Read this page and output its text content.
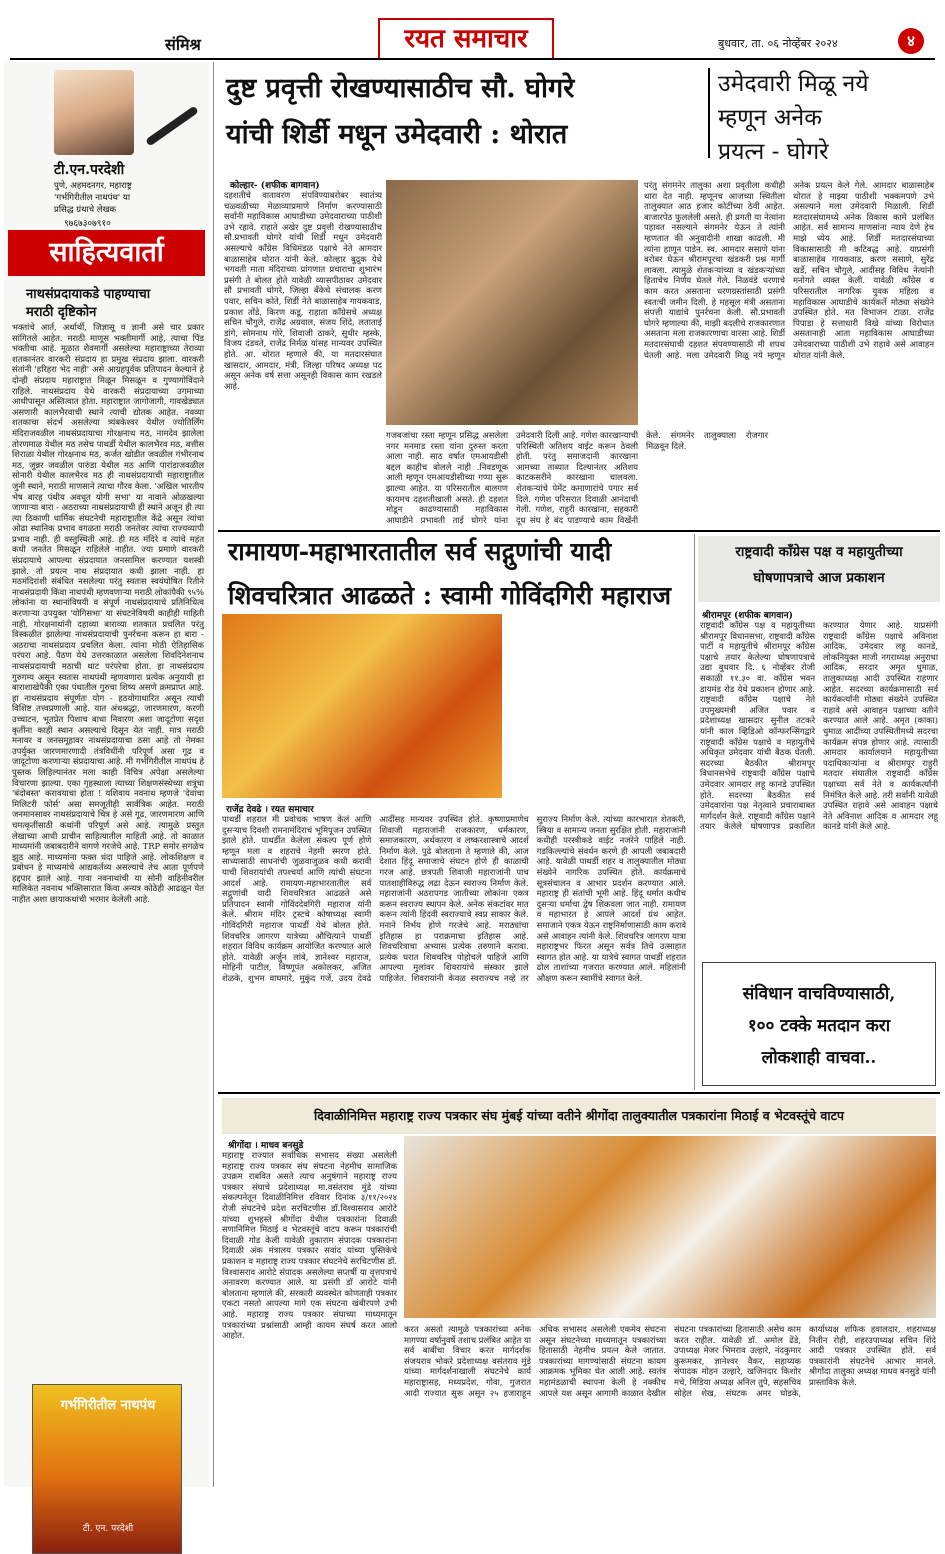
संमिश्र	रयत समाचार	बुधवार, ता. ०६ नोव्हेंबर २०२४	४
टी.एन.परदेशी
पुणे, अहमदनगर, महाराष्ट्र
'गर्भगिरीतील नाथपंथ' या
प्रसिद्ध ग्रंथाचे लेखक
९७६७३०७९१०
साहित्यवार्ता
नाथसंप्रदायाकडे पाहण्याचा
मराठी दृष्टिकोन
भक्तांचे आर्त, अर्थार्थी, जिज्ञासू व ज्ञानी असे चार प्रकार सांगितले आहेत. मराठी माणूस भक्तीमार्गी आहे, त्याचा पिंड भक्तीचा आहे. मूळात शैवमार्गी असलेल्या महाराष्ट्राच्या तेराव्या शतकानंतर वारकरी संप्रदाय हा प्रमुख संप्रदाय झाला. वारकरी संतांनी 'हरिहरा भेद नाही' असे आग्रहपूर्वक प्रतिपादन केल्याने हे दोन्ही संप्रदाय महाराष्ट्रात मिळून मिसळून व गुण्यागोविंदाने राहिले. नाथसंप्रदाय येथे वारकरी संप्रदायाच्या उगमाच्या आधीपासून अस्तित्वात होता. महाराष्ट्रात जागोजागी, गावखेड्यात असणारी कालभैरवाची स्थाने त्याची द्योतक आहेत. नवव्या शतकाचा संदर्भ असलेल्या त्र्यंबकेश्वर येथील ज्योतिर्लिंग मंदिराजवळील नाथसंप्रदायाचा गोरक्षनाथ मठ, नामदेव झालेला तोरणमाळ येथील मठ तसेच पाथर्डी येथील कालभैरव मठ, बत्तीस शिराळा येथील गोरक्षनाथ मठ, कर्जत खोडीत जवळील गंभीरनाथ मठ, जुन्नर जवळील पारुंडा येथील मठ आणि पारांडाजवळील सोनारी येथील कालभैरव मठ ही नाथसंप्रदायाची महाराष्ट्रातील जुनी स्थाने, मराठी माणसाने त्याचा गौरव केला. 'अखिल भारतीय भेष बारह पंथीय अवधूत योगी सभा' या नावाने ओळखल्या जाणाऱ्या बारा - अठराच्या नाथसंप्रदायाची ही स्थाने अजून ही त्या त्या ठिकाणी धार्मिक संघटनेची महाराष्ट्रातील केंद्रे असून त्यांचा ओढा स्थानिक प्रभाव वगळता मराठी जनतेवर त्यांचा राज्यव्यापी प्रभाव नाही. ही वस्तुस्थिती आहे. ही मठ मंदिरे व त्यांचे महंत कधी जनतेत मिसळून राहिलेले नाहीत. ज्या प्रमाणे वारकरी संप्रदायाचे आपल्या संप्रदायात जनसामिल करण्यात यशस्वी झाले. तो प्रयत्न नाथ संप्रदायात कधी झाला नाही. हा मठमंदिरांशी संबंधित नसलेल्या परंतु स्वतःस स्वयंघोषित रितीने नाथसंप्रदायी किंवा नाथपंथी म्हणवणाऱ्या मराठी लोकांपैकी ९५% लोकांना या स्थानांविषयी व संपूर्ण नाथसंप्रदायाचे प्रतिनिधित्व करणाऱ्या उपयुक्त 'योगिसभा' या संघटनेविषयी काहीही माहिती नाही. गोरक्षनाथांनी दहाव्या बाराव्या शतकात प्रचलित परंतु विस्कळीत झालेल्या नाथसंप्रदायाची पुनर्रचना करून हा बारा - अठराचा नाथसंप्रदाय प्रचलित केला. त्यांना मोठी ऐतिहासिक परंपरा आहे. पैठण येथे उत्तरकाळात असलेला शिवदिनेशनाथ नाथसंप्रदायाची मठाची थाट परंपरेचा होता. हा नाथसंप्रदाय गुरुगम्य असून स्वतःस नाथपंथी म्हणवणारा प्रत्येक अनुयायी हा बाराशाखेपैकी एका पंथातील गुरुचा शिष्य असणे क्रमप्राप्त आहे. हा नाथसंप्रदाय संपूर्णतः योग - हठयोगाधारित असून त्याची विशिष्ट तत्त्वप्रणाली आहे. यात अंधश्रद्धा, जारणमारण, करणी उच्चाटन, भूतप्रेत पिशाच बाधा निवारण अशा जादूटोणा सदृश कृतींना काही स्थान असल्याचे दिसून येत नाही. मात्र मराठी मनावर व जनसमूहावर नाथसंप्रदायाचा ठसा आहे तो नेमका उपर्युक्त जारणमारणादी तंत्रविधींनी परिपूर्ण असा गूढ व जादूटोणा करणाऱ्या संप्रदायाचा आहे. मी गर्भगिरीतील नाथपंथ हे पुस्तक लिहिल्यानंतर मला काही विचित्र अपेक्षा असलेल्या विचारणा झाल्या. एका गृहस्थाला त्याच्या शिक्षणसंस्थेच्या शत्रूंचा 'बंदोबस्त' करावयाचा होता ! यशिवाय नवनाथ म्हणजे 'देवांचा मिलिटरी फोर्स' असा समजूतीही सार्वत्रिक आहेत. मराठी जनमानसावर नाथसंप्रदायाचे चित्र हे असे गूढ, जारणमारण आणि चमत्कृतींसाठी कथांनी परिपूर्ण असे आहे. त्यामुळे प्रस्तुत लेखाच्या आधी प्राचीन साहित्यातील माहिती आहे. तो काळात माध्यमांनी जबाबदारीने वागणे गरजेचे आहे. TRP समोर सगळेच झुठ आहे. माध्यमांना फक्त धंदा पाहिजे आहे. लोकशिक्षण व प्रबोधन हे माध्यमांचे आद्यकर्तव्य असल्याचे तेच आता पूर्णपणे हद्दपार झाले आहे. गावा नवनाथांची या सोनी वाहिनीवरील मालिकेत नवनाथ भक्तिसारात किंवा अन्यत्र कोठेही आढळून येत नाहीत अशा छायाकथांची भरमार केलेली आहे.
गर्भगिरीतील नाथपंथ
टी. एन. परदेशी
दुष्ट प्रवृत्ती रोखण्यासाठीच सौ. घोगरे
यांची शिर्डी मधून उमेदवारी : थोरात
उमेदवारी मिळू नये
म्हणून अनेक
प्रयत्न - घोगरे
कोल्हार- (शफीक बागवान)
दहशतीचे वातावरण संपविण्याबरोबर स्वातंत्र्य चळ्वळीच्या मेळाव्याप्रमाणे निर्माण करण्यासाठी सर्वांनी महाविकास आघाडीच्या उमेदवाराच्या पाठीशी उभे रहावे. राहाते अखेर दुष्ट प्रवृत्ती रोखण्यासाठीच सौ.प्रभावती घोगरे यांची शिर्डी मधून उमेदवारी असल्याचे काँग्रेस विधिमंडळ पक्षाचे नेते आमदार बाळासाहेब थोरात यांनी केले. कोल्हार बुद्रुक येथे भगवती माता मंदिराच्या प्रांगणात प्रचाराचा शुभारंभ प्रसंगी ते बोलत होते यावेळी व्यासपीठावर उमेदवार सौ प्रभावती घोगरे, जिल्हा बँकेचे संचालक करण पवार, सचिन कोते, शिर्डी नेते बाळासाहेब गायकवाड, प्रकाश तोंडे, किरण कडू, राहाता काँग्रेसचे अध्यक्ष सचिन चौगुले, राजेंद्र अग्रवाल, संजय शिंदे, लताताई डांगे, सोमनाथ गोरे, शिवाजी ठाकरे, सुधीर म्हस्के, विजय दंडवते, राजेंद्र निर्मळ यांसह मान्यवर उपस्थित होते. आ. थोरात म्हणाले की, या मतदारसंघात खासदार, आमदार, मंत्री, जिल्हा परिषद अध्यक्ष पद असून अनेक वर्ष सत्ता असूनही विकास काम रखडले आहे.
गजबजांचा रस्ता म्हणून प्रसिद्ध असलेला नगर मनमाड रस्ता यांना दुरुस्त करता आला नाही. साठ वर्षात एमआयडीसी बद्दल काहीच बोलले नाही .निवडणूक आली म्हणून एमआयडीसीच्या गप्पा सुरू झाल्या आहेत. या परिसरातील बालगण कायमच दहशतीखाली असते. ही दहशत मोडून काढण्यासाठी महाविकास आघाडीने प्रभावती ताई घोगरे यांना उमेदवारी दिली आहे. गणेश कारखान्याची परिस्थिती अतिशय वाईट करून ठेवली होती. परंतु समाजदानी कारखाना आमच्या ताब्यात दिल्यानंतर अतिशय काटकसरीने कारखाना चालवला. शेतकऱ्यांचे पेमेंट कमाणारांचे पगार सर्व दिले. गणेश परिसरात दिवाळी आनंदाची गेली. गणेश, राहुरी कारखाना, सहकारी दूध संघ हे बंद पाडण्याचे काम विखेंनी केले. संगमनेर तालुक्याला रोजगार मिळवून दिले.
परंतु संगमनेर तालुका अशा प्रवृतीला कधीही थारा देत नाही. म्हणूनच आजच्या स्थितीला तालुक्यात आठ हजार कोटींच्या ठेवी आहेत. बाजारपेठ फुललेली असते. ही प्रगती या नेत्यांना पहावत नसल्याने संगमनेर येऊन ते त्यांनी म्हणतात की अनुवादीनी शाखा काढली. मी त्यांना हाणून पाडेन. स्व. आमदार ससाणे यांना बरोबर घेऊन श्रीरामपूरचा खंडकरी प्रश्न मार्गी लावला. त्यामुळे शेतकऱ्यांच्या व खंडकऱ्यांच्या हिताचेच निर्णय घेतले गेले. निळवंडे धरणाचे काम करत असताना धरणग्रस्तांसाठी प्रसंगी स्वतःची जमीन दिली. हे महसूल मंत्री असताना संपत्ती याद्यांचे पुनर्रचना केली. सौ.प्रभावती घोगरे म्हणाल्या की, माझी बदलीचे राजकारणात असताना मला राजकारणाचा वारसा आहे. शिर्डी मतदारसंघाची दहशत संपवण्यासाठी मी शपथ घेतली आहे. मला उमेदवारी मिळू नये म्हणून अनेक प्रयत्न केले गेले. आमदार बाळासाहेब थोरात हे माझ्या पाठीशी भक्कमपणे उभे असल्याने मला उमेदवारी मिळाली. शिर्डी मतदारसंघामध्ये अनेक विकास कामे प्रलंबित आहेत. सर्व सामान्य माणसांना न्याय देणे हेच माझे ध्येय आहे. शिर्डी मतदारसंघाच्या विकासासाठी मी कटिबद्ध आहे. याप्रसंगी बाळासाहेब गायकवाड, करण ससाणे, सुरेंद्र खर्डे, सचिन चौगुले, आदींसह विविध नेत्यांनी मनोगते व्यक्त केली. यावेळी काँग्रेस व परिसरातील नागरिक युवक महिला व महाविकास आघाडीचे कार्यकर्ते मोठ्या संख्येने उपस्थित होते. मत विभाजन टाळा. राजेंद्र पिपाडा हे सत्ताधारी विखे यांच्या विरोधात असतानाही आता महाविकास आघाडीच्या उमेदवाराच्या पाठीशी उभे राहावे असे आवाहन थोरात यांनी केले.
रामायण-महाभारतातील सर्व सद्गुणांची यादी
शिवचरित्रात आढळते : स्वामी गोविंदगिरी महाराज
राजेंद्र देवढे । रयत समाचार
पाथर्डी शहरात मी प्रवोचक भाषण केलं आणि दुसऱ्याच दिवशी रामनामंदिराचं भूमिपूजन उपस्थित झाले होते. पाथर्डीत केलेला संकल्प पूर्ण होणे म्हणून मला व शहराचे नेहमी स्मरण होते. साध्यासाठी साधनांची जुळवाजुळव कधी करावी याची शिवरायांची तपश्चर्या आणि त्यांची संघटना आदर्श आहे. रामायण-महाभारतातील सर्व सद्गुणांची यादी शिवचरित्रात आढळते असे प्रतिपादन स्वामी गोविंददेवगिरी महाराज यांनी केले. श्रीराम मंदिर ट्रस्टचे कोषाध्यक्ष स्वामी गोविंदगिरी महाराज पाथर्डी येथे बोलत होते. शिवचरित्र जागरण यात्रेच्या औचित्याने पाथर्डी शहरात विविध कार्यक्रम आयोजित करण्यात आले होते. यावेळी अर्जुन लांबे, ज्ञानेश्वर महाराज, मोहिनी पाटील, विष्णूपंत अकोलकर, अजित शेळके, शुभम वाघमारे, मुकुंद गर्जे, उदय देवढे आदींसह मान्यवर उपस्थित होते. कृष्णाप्रमाणेच शिवाजी महाराजांनी राजकारण, धर्मकारण, समाजकारण, अर्थकारण व लष्करशास्त्राचे आदर्श निर्माण केले. पुढे बोलताना ते म्हणाले की, आज देशात हिंदू समाजाचे संघटन होणे ही काळाची गरज आहे. छत्रपती शिवाजी महाराजांनी पाच पातशाहीविरुद्ध लढा देऊन स्वराज्य निर्माण केले. महाराजांनी अठरापगड जातीच्या लोकांना एकत्र करून स्वराज्य स्थापन केले. अनेक संकटांवर मात करून त्यांनी हिंदवी स्वराज्याचे स्वप्न साकार केले. मनाने निर्भय होणे गरजेचे आहे. मराठ्यांचा इतिहास हा पराक्रमाचा इतिहास आहे. शिवचरित्राचा अभ्यास प्रत्येक तरुणाने करावा. प्रत्येक घरात शिवचरित्र पोहोचले पाहिजे आणि आपल्या मुलांवर शिवरायांचे संस्कार झाले पाहिजेत. शिवरायांनी केवळ स्वराज्यच नव्हे तर सुराज्य निर्माण केले. त्यांच्या कारभारात शेतकरी, स्त्रिया व सामान्य जनता सुरक्षित होती. महाराजांनी कधीही परस्त्रीकडे वाईट नजरेने पाहिले नाही. गडकिल्ल्यांचे संवर्धन करणे ही आपली जबाबदारी आहे. यावेळी पाथर्डी शहर व तालुक्यातील मोठ्या संख्येने नागरिक उपस्थित होते. कार्यक्रमाचे सूत्रसंचालन व आभार प्रदर्शन करण्यात आले. महाराष्ट्र ही संतांची भूमी आहे. हिंदू धर्मात कधीच दुसऱ्या धर्माचा द्वेष शिकवला जात नाही. रामायण व महाभारत हे आपले आदर्श ग्रंथ आहेत. समाजाने एकत्र येऊन राष्ट्रनिर्माणासाठी काम करावे असे आवाहन त्यांनी केले. शिवचरित्र जागरण यात्रा महाराष्ट्रभर फिरत असून सर्वत्र तिचे उत्साहात स्वागत होत आहे. या यात्रेचे स्वागत पाथर्डी शहरात ढोल ताशांच्या गजरात करण्यात आले. महिलांनी औक्षण करून स्वामींचे स्वागत केले.
राष्ट्रवादी काँग्रेस पक्ष व महायुतीच्या
घोषणापत्राचे आज प्रकाशन
श्रीरामपूर (शफीक बागवान)
राष्ट्रवादी काँग्रेस पक्ष व महायुतीच्या श्रीरामपूर विधानसभा, राष्ट्रवादी काँग्रेस पार्टी व महायुतीचे श्रीरामपूर काँग्रेस पक्षाचे तयार केलेल्या घोषणापत्राचे उद्या बुधवार दि. ६ नोव्हेंबर रोजी सकाळी ११.३० वा. काँग्रेस भवन डायमंड रोड येथे प्रकाशन होणार आहे. राष्ट्रवादी काँग्रेस पक्षाचे नेते उपमुख्यमंत्री अजित पवार व प्रदेशाध्यक्ष खासदार सुनील तटकरे यांनी काल व्हिडिओ कॉन्फरन्सिंगद्वारे राष्ट्रवादी काँग्रेस पक्षाचे व महायुतीचे अधिकृत उमेदवार यांची बैठक घेतली. सदरच्या बैठकीत श्रीरामपूर विधानसभेचे राष्ट्रवादी काँग्रेस पक्षाचे उमेदवार आमदार लहू कानडे उपस्थित होते. सदरच्या बैठकीत सर्व उमेदवारांना पक्ष नेतृत्वाने प्रचाराबाबत मार्गदर्शन केले. राष्ट्रवादी काँग्रेस पक्षाने तयार केलेले घोषणापत्र प्रकाशित करण्यात येणार आहे. याप्रसंगी राष्ट्रवादी काँग्रेस पक्षाचे अविनाश आदिक, उमेदवार लहू कानडे, लोकनियुक्त माजी नगराध्यक्ष अनुराधा आदिक, सरदार अमृत धुमाळ, तालुकाध्यक्ष आदी उपस्थित राहणार आहेत. सदरच्या कार्यक्रमासाठी सर्व कार्यकर्त्यांनी मोठ्या संख्येने उपस्थित राहावे असे आवाहन पक्षाच्या वतीने करण्यात आले आहे. अमृत (काका) धुमाळ आदींच्या उपस्थितीमध्ये सदरचा कार्यक्रम संपन्न होणार आहे. त्यासाठी आमदार कार्यालयाने महायुतीच्या पदाधिकाऱ्यांना व श्रीरामपूर राहुरी मतदार संघातील राष्ट्रवादी काँग्रेस पक्षाच्या सर्व नेते व कार्यकर्त्यांनी निमंत्रित केले आहे. तरी सर्वांनी यावेळी उपस्थित राहावे असे आवाहन पक्षाचे नेते अविनाश आदिक व आमदार लहू कानडे यांनी केले आहे.
संविधान वाचविण्यासाठी,
१०० टक्के मतदान करा
लोकशाही वाचवा..
दिवाळीनिमित्त महाराष्ट्र राज्य पत्रकार संघ मुंबई यांच्या वतीने श्रीगोंदा तालुक्यातील पत्रकारांना मिठाई व भेटवस्तूंचे वाटप
श्रीगोंदा । माधव बनसुडे
महाराष्ट्र राज्यात सर्वाधिक सभासद संख्या असलेली महाराष्ट्र राज्य पत्रकार संघ संघटना नेहमीच सामाजिक उपक्रम राबवित असते त्याच अनुषंगाने महाराष्ट्र राज्य पत्रकार संघाचे प्रदेशाध्यक्ष मा.वसंतराव मुंडे यांच्या संकल्पनेतून दिवाळीनिमित्त रविवार दिनांक ३/११/२०२४ रोजी संघटनेचे प्रदेश सरचिटणीस डॉ.विश्वासराव आरोटे यांच्या शुभहस्ते श्रीगोंदा येथील पत्रकारांना दिवाळी सणानिमित्त मिठाई व भेटवस्तूंचे वाटप करून पत्रकारांची दिवाळी गोड केली यावेळी तुकाराम संपादक पत्रकारांना दिवाळी अंक मंत्रालय पत्रकार सवांद यांच्या पुस्तिकेचे प्रकाशन व महाराष्ट्र राज्य पत्रकार संघटनेचे सरचिटणीस डॉ. विश्वासराव आरोटे संपादक असलेल्या सप्तर्षी या वृत्तपत्राचे अनावरण करण्यात आले. या प्रसंगी डॉ आरोटे यांनी बोलताना म्हणाले की, सरकारी व्यवस्थेत कोणताही पत्रकार एकटा नसतो आपल्या मागे एक संघटना खंबीरपणे उभी आहे. महाराष्ट्र राज्य पत्रकार संघाच्या माध्यमातून पत्रकारांच्या प्रश्नांसाठी आम्ही कायम संघर्ष करत आलो आहोत.
करत असतो त्यामुळे पत्रकारांच्या अनेक मागण्या वर्षानुवर्षे तशाच प्रलंबित आहेत या सर्व बाबींचा विचार करत मार्गदर्शक संजयराव भोकरे प्रदेशाध्यक्ष वसंतराव मुंडे यांच्या मार्गदर्शनाखाली संघटनेचे कार्य महाराष्ट्रासह, मध्यप्रदेश, गोवा, गुजरात आदी राज्यात सुरू असून २५ हजाराहून अधिक सभासद असलेली एकमेव संघटना असून संघटनेच्या माध्यमातून पत्रकारांच्या हितासाठी नेहमीच प्रयत्न केले जातात. पत्रकारांच्या मागण्यांसाठी संघटना कायम आक्रमक भूमिका घेत आली आहे. स्वतंत्र महामंडळाची स्थापना केली हे नक्कीच आपले यश असून आगामी काळात देखील संघटना पत्रकारांच्या हितासाठी असेच काम करत राहील. यावेळी डॉ. अमोल ढेंडे, उपाध्यक्ष मेजर भिमराव उल्हारे, नंदकुमार कुरूमकर, ज्ञानेश्वर वैकर, सहाय्यक संपादक मोहन उल्हारे, खजिनदार किशोर मचे, मिडिया अध्यक्ष अनिल तुपे, सहसचिव सोहेल शेख, संघटक अमर घोडके, कार्याध्यक्ष शफिक हवालदार, शहराध्यक्ष नितीन रोही, शहरउपाध्यक्ष सचिन शिंदे आदी पत्रकार उपस्थित होते. सर्व पत्रकारांनी संघटनेचे आभार मानले. श्रीगोंदा तालुका अध्यक्ष माधव बनसुडे यांनी प्रास्ताविक केले.
